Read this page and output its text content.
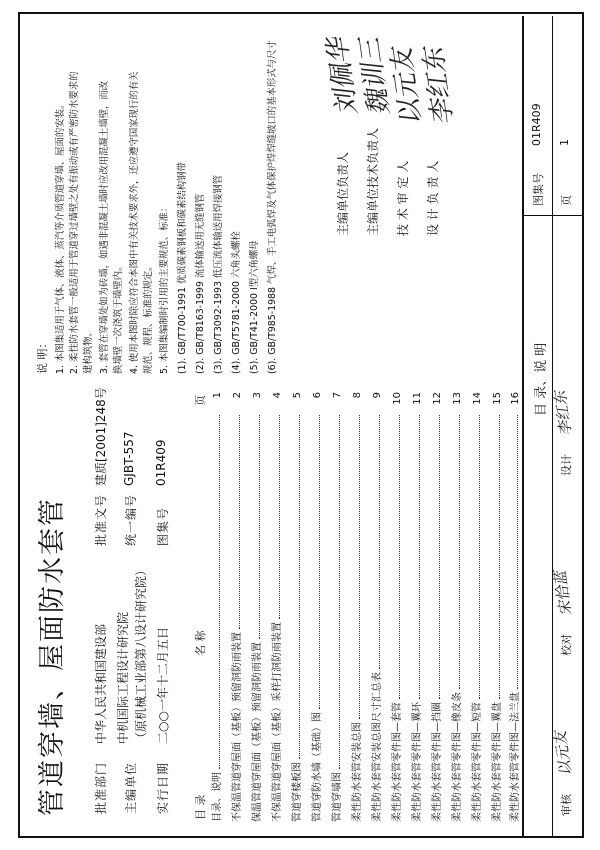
管道穿墙、屋面防水套管 批准部门
中华人民共和国建设部
批准文号
建质[2001]248号
主编单位
中机国际工程设计研究院 （原机械工业部第八设计研究院）
统一编号
GJBT-557
实行日期
二○○一年十二月五日
图集号
01R409
目 录
名 称
页
目录、说明
1
不保温管道穿屋面（基板）预留洞防雨装置
2
保温管道穿屋面（基板）预留洞防雨装置
3
不保温管道穿屋面（基板）采样打洞防雨装置
4
管道穿楼板图
5
管道穿防水墙（基础）图
6
管道穿墙图
7
柔性防水套管安装总图
8
柔性防水套管安装总图尺寸汇总表
9
柔性防水套管零件图—套管
10
柔性防水套管零件图—翼环
11
柔性防水套管零件图—挡圈
12
柔性防水套管零件图—橡皮条
13
柔性防水套管零件图—短管
14
柔性防水套管零件图—翼盘
15
柔性防水套管零件图—法兰盘
16
说 明： 1. 本图集适用于气体、液体、蒸汽等介质管道穿墙、屋面的安装。 2. 柔性防水套管一般适用于管道穿过墙壁之处有振动或有严密防水要求的 建构筑物。 3. 套管在穿墙处如为砖墙，如遇非混凝土墙时应改用混凝土墙壁，而改 换墙壁一次浇筑于墙壁内。 4. 使用本图时除应符合本图中有关技术要求外，还应遵守国家现行的有关 规范、规程、标准的规定。 5. 本图集编制时引用的主要规范、标准： (1). GB/T700-1991 优质碳素钢板和碳素结构钢带 (2). GB/T8163-1999 流体输送用无缝钢管 (3). GB/T3092-1993 低压流体输送用焊接钢管 (4). GB/T5781-2000 六角头螺栓 (5). GB/T41-2000 I型六角螺母 (6). GB/T985-1988 气焊、手工电弧焊及气体保护焊焊缝坡口的基本形式与尺寸	主编单位负责人 主编单位技术负责人 技 术 审 定 人 设 计 负 责 人
刘佩华
魏训三
以元友
李红东
目 录、说 明
图集号
01R409
页
1
审核
以元友
校对
宋恰蓝
设计
李红东
